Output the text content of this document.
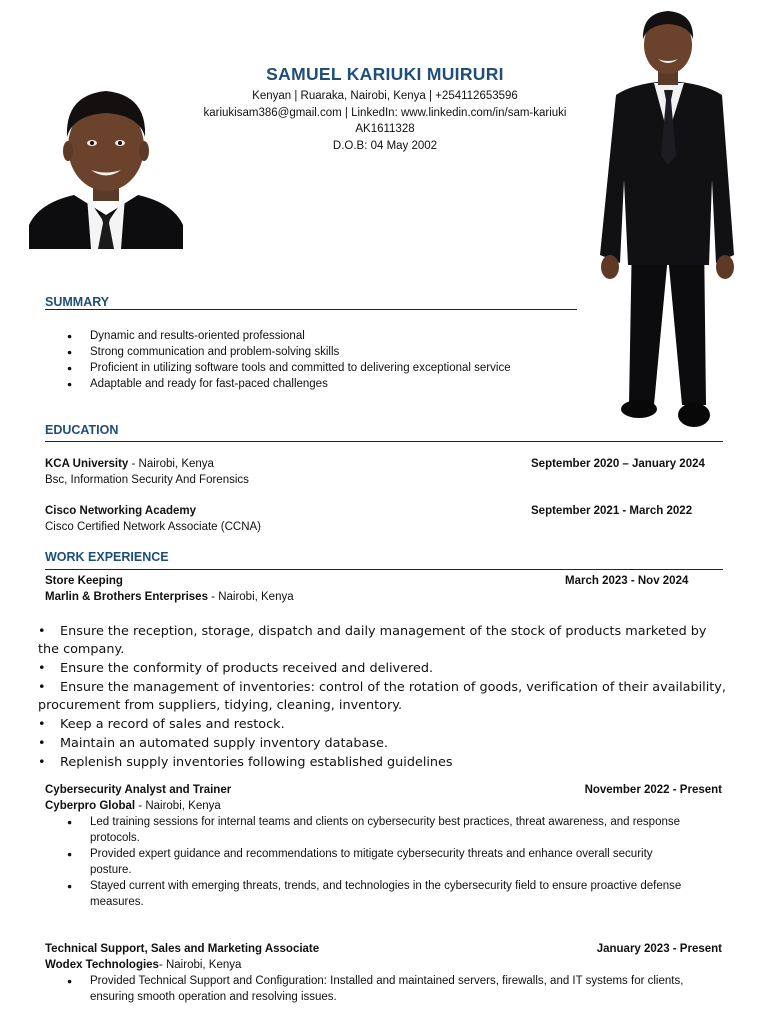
SAMUEL KARIUKI MUIRURI
Kenyan | Ruaraka, Nairobi, Kenya | +254112653596
kariukisam386@gmail.com | LinkedIn: www.linkedin.com/in/sam-kariuki
AK1611328
D.O.B: 04 May 2002
SUMMARY
● Dynamic and results-oriented professional
● Strong communication and problem-solving skills
● Proficient in utilizing software tools and committed to delivering exceptional service
● Adaptable and ready for fast-paced challenges
EDUCATION
KCA University - Nairobi, Kenya	September 2020 – January 2024
Bsc, Information Security And Forensics
Cisco Networking Academy	September 2021 - March 2022
Cisco Certified Network Associate (CCNA)
WORK EXPERIENCE
Store Keeping	March 2023 - Nov 2024
Marlin & Brothers Enterprises - Nairobi, Kenya
• Ensure the reception, storage, dispatch and daily management of the stock of products marketed by the company.
• Ensure the conformity of products received and delivered.
• Ensure the management of inventories: control of the rotation of goods, verification of their availability, procurement from suppliers, tidying, cleaning, inventory.
• Keep a record of sales and restock.
• Maintain an automated supply inventory database.
• Replenish supply inventories following established guidelines
Cybersecurity Analyst and Trainer	November 2022 - Present
Cyberpro Global - Nairobi, Kenya
● Led training sessions for internal teams and clients on cybersecurity best practices, threat awareness, and response protocols.
● Provided expert guidance and recommendations to mitigate cybersecurity threats and enhance overall security posture.
● Stayed current with emerging threats, trends, and technologies in the cybersecurity field to ensure proactive defense measures.
Technical Support, Sales and Marketing Associate	January 2023 - Present
Wodex Technologies- Nairobi, Kenya
● Provided Technical Support and Configuration: Installed and maintained servers, firewalls, and IT systems for clients, ensuring smooth operation and resolving issues.
